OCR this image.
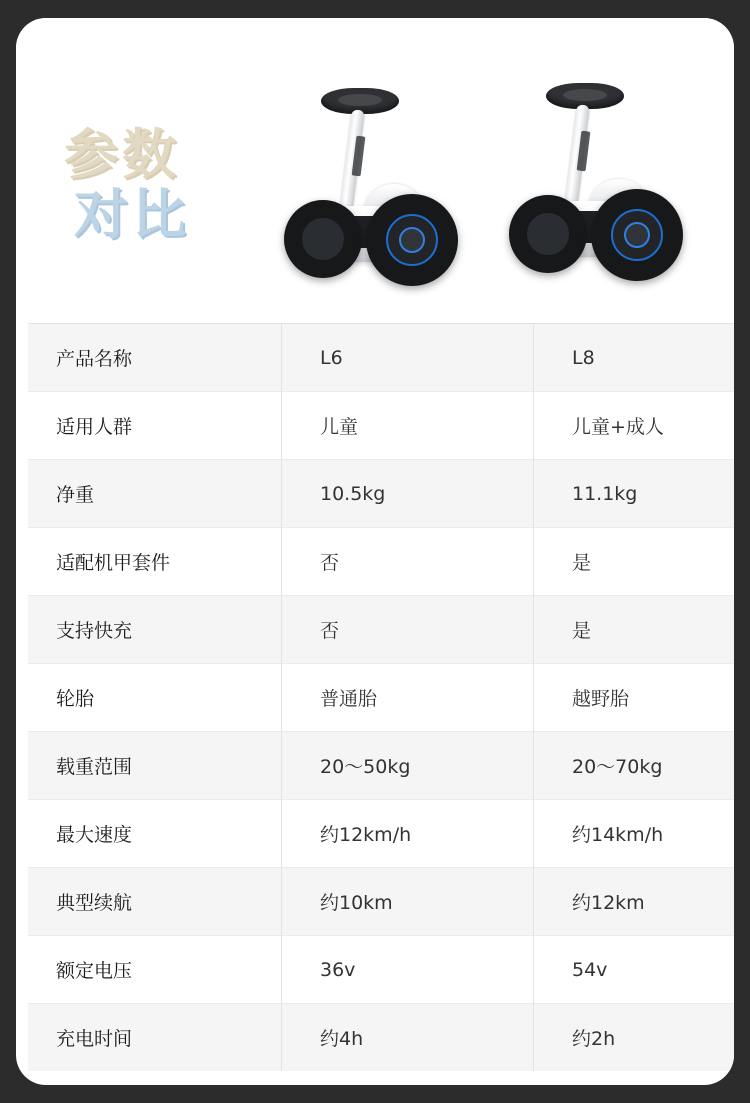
参数
对比
产品名称	L6	L8
适用人群	儿童	儿童+成人
净重	10.5kg	11.1kg
适配机甲套件	否	是
支持快充	否	是
轮胎	普通胎	越野胎
载重范围	20～50kg	20～70kg
最大速度	约12km/h	约14km/h
典型续航	约10km	约12km
额定电压	36v	54v
充电时间	约4h	约2h
